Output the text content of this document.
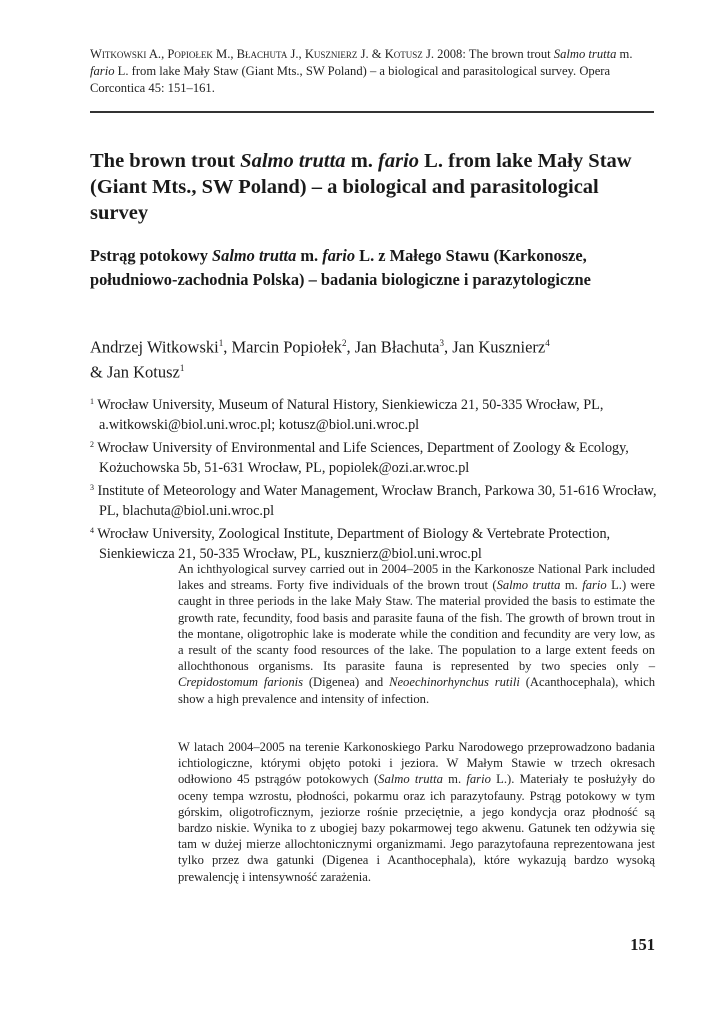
Witkowski A., Popiołek M., Błachuta J., Kusznierz J. & Kotusz J. 2008: The brown trout Salmo trutta m. fario L. from lake Mały Staw (Giant Mts., SW Poland) – a biological and parasitological survey. Opera Corcontica 45: 151–161.
The brown trout Salmo trutta m. fario L. from lake Mały Staw (Giant Mts., SW Poland) – a biological and parasitological survey
Pstrąg potokowy Salmo trutta m. fario L. z Małego Stawu (Karkonosze, południowo-zachodnia Polska) – badania biologiczne i parazytologiczne
Andrzej Witkowski$^1$, Marcin Popiołek$^2$, Jan Błachuta$^3$, Jan Kusznierz$^4$
& Jan Kotusz$^1$

$^1$ Wrocław University, Museum of Natural History, Sienkiewicza 21, 50-335 Wrocław, PL, a.witkowski@biol.uni.wroc.pl; kotusz@biol.uni.wroc.pl

$^2$ Wrocław University of Environmental and Life Sciences, Department of Zoology & Ecology, Kożuchowska 5b, 51-631 Wrocław, PL, popiolek@ozi.ar.wroc.pl

$^3$ Institute of Meteorology and Water Management, Wrocław Branch, Parkowa 30, 51-616 Wrocław, PL, blachuta@biol.uni.wroc.pl

$^4$ Wrocław University, Zoological Institute, Department of Biology & Vertebrate Protection, Sienkiewicza 21, 50-335 Wrocław, PL, kusznierz@biol.uni.wroc.pl

An ichthyological survey carried out in 2004–2005 in the Karkonosze National Park included lakes and streams. Forty five individuals of the brown trout (Salmo trutta m. fario L.) were caught in three periods in the lake Mały Staw. The material provided the basis to estimate the growth rate, fecundity, food basis and parasite fauna of the fish. The growth of brown trout in the montane, oligotrophic lake is moderate while the condition and fecundity are very low, as a result of the scanty food resources of the lake. The population to a large extent feeds on allochthonous organisms. Its parasite fauna is represented by two species only – Crepidostomum farionis (Digenea) and Neoechinorhynchus rutili (Acanthocephala), which show a high prevalence and intensity of infection.

W latach 2004–2005 na terenie Karkonoskiego Parku Narodowego przeprowadzono badania ichtiologiczne, którymi objęto potoki i jeziora. W Małym Stawie w trzech okresach odłowiono 45 pstrągów potokowych (Salmo trutta m. fario L.). Materiały te posłużyły do oceny tempa wzrostu, płodności, pokarmu oraz ich parazytofauny. Pstrąg potokowy w tym górskim, oligotroficznym, jeziorze rośnie przeciętnie, a jego kondycja oraz płodność są bardzo niskie. Wynika to z ubogiej bazy pokarmowej tego akwenu. Gatunek ten odżywia się tam w dużej mierze allochtonicznymi organizmami. Jego parazytofauna reprezentowana jest tylko przez dwa gatunki (Digenea i Acanthocephala), które wykazują bardzo wysoką prewalencję i intensywność zarażenia.

151
